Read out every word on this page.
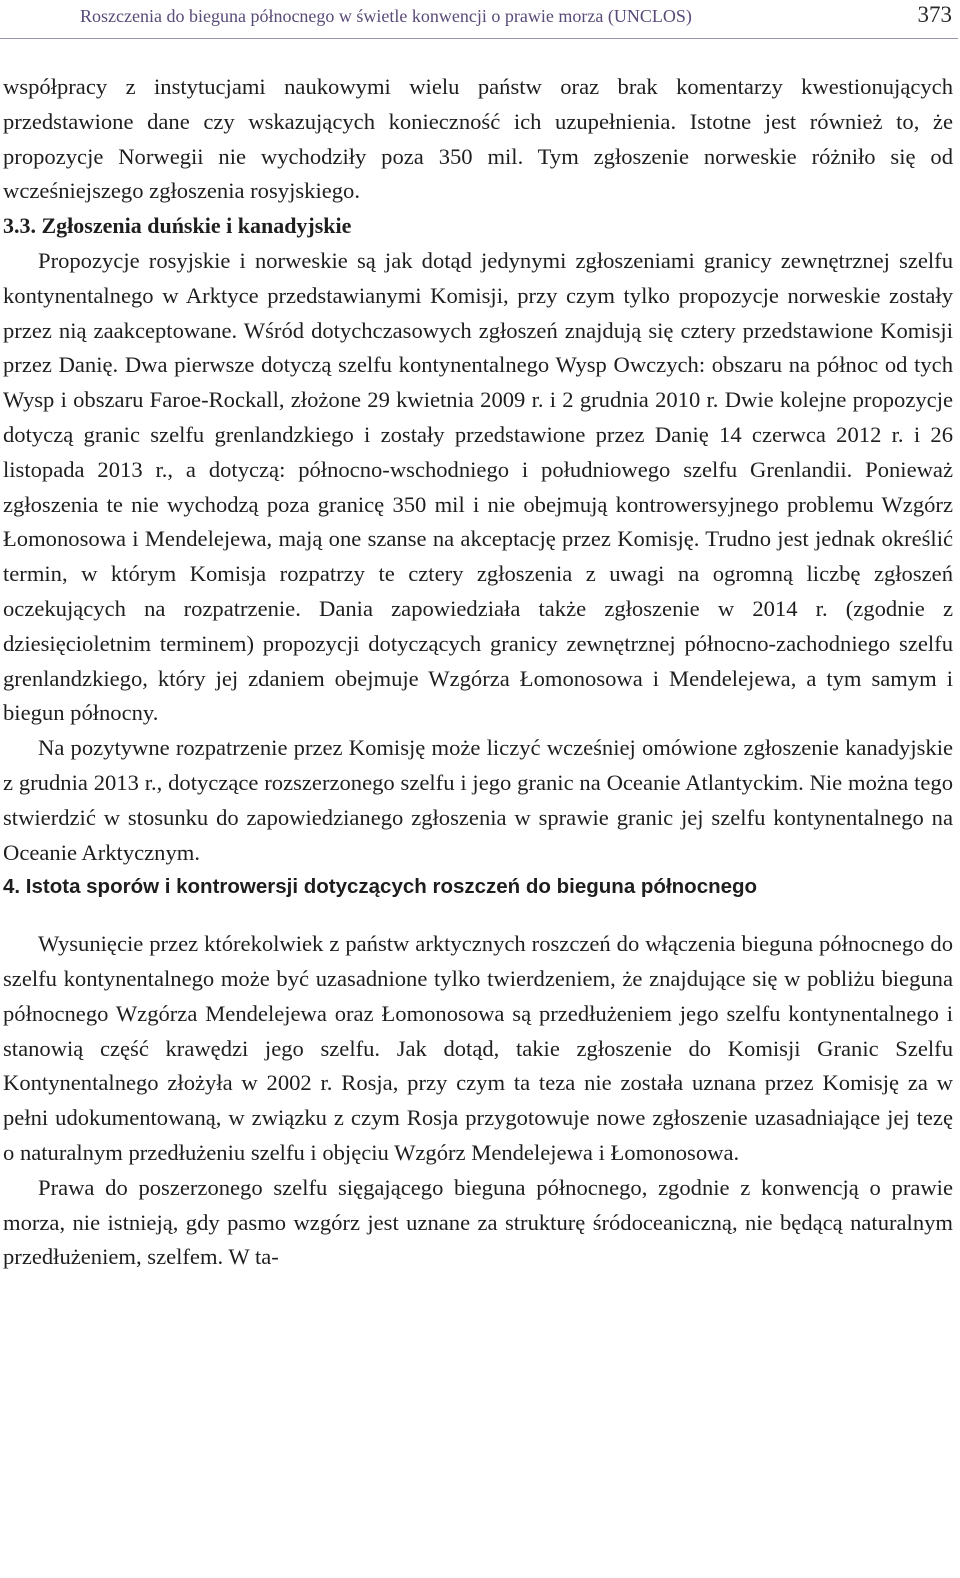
Roszczenia do bieguna północnego w świetle konwencji o prawie morza (UNCLOS)	373

współpracy z instytucjami naukowymi wielu państw oraz brak komentarzy kwestionujących przedstawione dane czy wskazujących konieczność ich uzupełnienia. Istotne jest również to, że propozycje Norwegii nie wychodziły poza 350 mil. Tym zgłoszenie norweskie różniło się od wcześniejszego zgłoszenia rosyjskiego.

3.3. Zgłoszenia duńskie i kanadyjskie

Propozycje rosyjskie i norweskie są jak dotąd jedynymi zgłoszeniami granicy zewnętrznej szelfu kontynentalnego w Arktyce przedstawianymi Komisji, przy czym tylko propozycje norweskie zostały przez nią zaakceptowane. Wśród dotychczasowych zgłoszeń znajdują się cztery przedstawione Komisji przez Danię. Dwa pierwsze dotyczą szelfu kontynentalnego Wysp Owczych: obszaru na północ od tych Wysp i obszaru Faroe-Rockall, złożone 29 kwietnia 2009 r. i 2 grudnia 2010 r. Dwie kolejne propozycje dotyczą granic szelfu grenlandzkiego i zostały przedstawione przez Danię 14 czerwca 2012 r. i 26 listopada 2013 r., a dotyczą: północno-wschodniego i południowego szelfu Grenlandii. Ponieważ zgłoszenia te nie wychodzą poza granicę 350 mil i nie obejmują kontrowersyjnego problemu Wzgórz Łomonosowa i Mendelejewa, mają one szanse na akceptację przez Komisję. Trudno jest jednak określić termin, w którym Komisja rozpatrzy te cztery zgłoszenia z uwagi na ogromną liczbę zgłoszeń oczekujących na rozpatrzenie. Dania zapowiedziała także zgłoszenie w 2014 r. (zgodnie z dziesięcioletnim terminem) propozycji dotyczących granicy zewnętrznej północno-zachodniego szelfu grenlandzkiego, który jej zdaniem obejmuje Wzgórza Łomonosowa i Mendelejewa, a tym samym i biegun północny.

Na pozytywne rozpatrzenie przez Komisję może liczyć wcześniej omówione zgłoszenie kanadyjskie z grudnia 2013 r., dotyczące rozszerzonego szelfu i jego granic na Oceanie Atlantyckim. Nie można tego stwierdzić w stosunku do zapowiedzianego zgłoszenia w sprawie granic jej szelfu kontynentalnego na Oceanie Arktycznym.

4. Istota sporów i kontrowersji dotyczących roszczeń do bieguna północnego

Wysunięcie przez którekolwiek z państw arktycznych roszczeń do włączenia bieguna północnego do szelfu kontynentalnego może być uzasadnione tylko twierdzeniem, że znajdujące się w pobliżu bieguna północnego Wzgórza Mendelejewa oraz Łomonosowa są przedłużeniem jego szelfu kontynentalnego i stanowią część krawędzi jego szelfu. Jak dotąd, takie zgłoszenie do Komisji Granic Szelfu Kontynentalnego złożyła w 2002 r. Rosja, przy czym ta teza nie została uznana przez Komisję za w pełni udokumentowaną, w związku z czym Rosja przygotowuje nowe zgłoszenie uzasadniające jej tezę o naturalnym przedłużeniu szelfu i objęciu Wzgórz Mendelejewa i Łomonosowa.

Prawa do poszerzonego szelfu sięgającego bieguna północnego, zgodnie z konwencją o prawie morza, nie istnieją, gdy pasmo wzgórz jest uznane za strukturę śródoceaniczną, nie będącą naturalnym przedłużeniem, szelfem. W ta-
